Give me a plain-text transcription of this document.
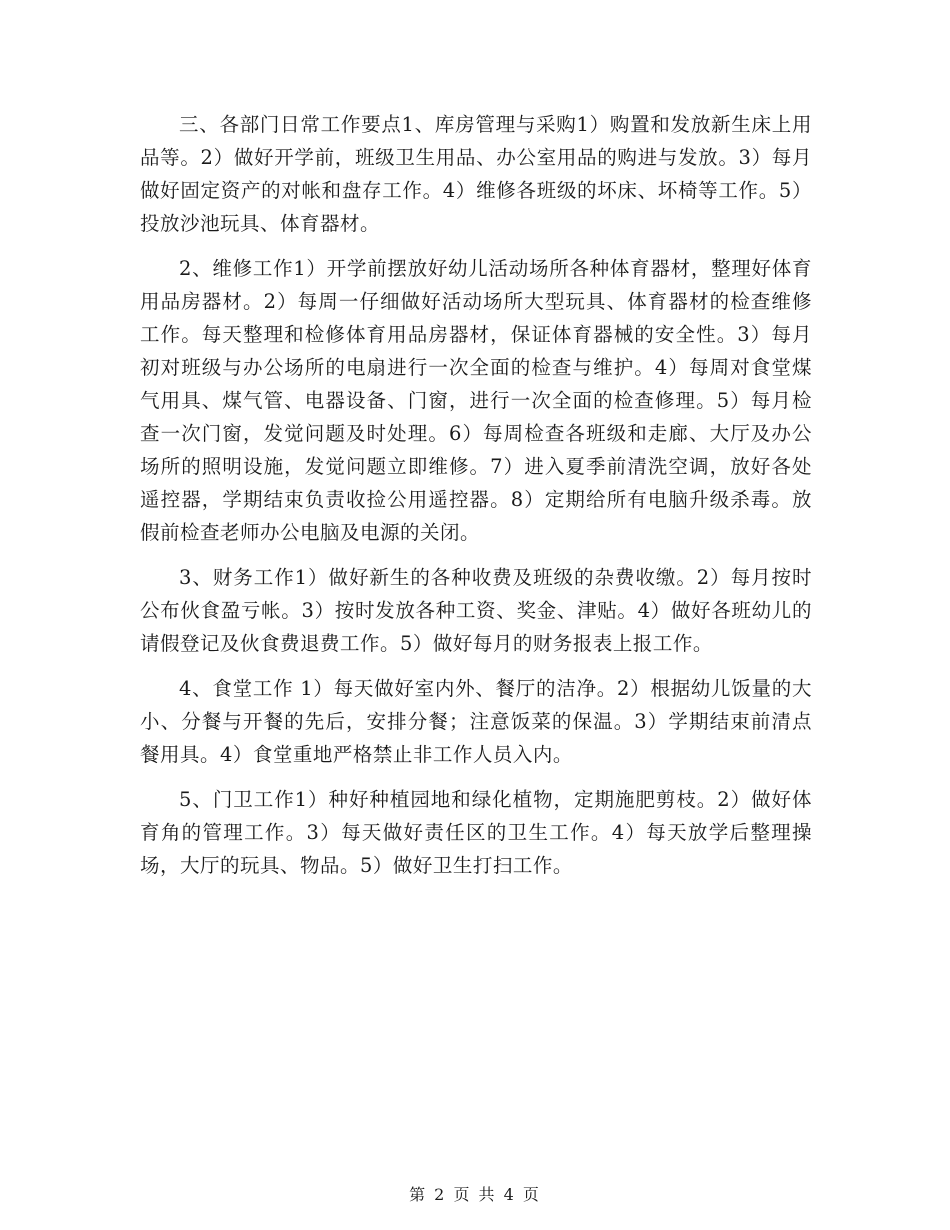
三、各部门日常工作要点1、库房管理与采购1）购置和发放新生床上用品等。2）做好开学前，班级卫生用品、办公室用品的购进与发放。3）每月做好固定资产的对帐和盘存工作。4）维修各班级的坏床、坏椅等工作。5）投放沙池玩具、体育器材。

2、维修工作1）开学前摆放好幼儿活动场所各种体育器材，整理好体育用品房器材。2）每周一仔细做好活动场所大型玩具、体育器材的检查维修工作。每天整理和检修体育用品房器材，保证体育器械的安全性。3）每月初对班级与办公场所的电扇进行一次全面的检查与维护。4）每周对食堂煤气用具、煤气管、电器设备、门窗，进行一次全面的检查修理。5）每月检查一次门窗，发觉问题及时处理。6）每周检查各班级和走廊、大厅及办公场所的照明设施，发觉问题立即维修。7）进入夏季前清洗空调，放好各处遥控器，学期结束负责收捡公用遥控器。8）定期给所有电脑升级杀毒。放假前检查老师办公电脑及电源的关闭。

3、财务工作1）做好新生的各种收费及班级的杂费收缴。2）每月按时公布伙食盈亏帐。3）按时发放各种工资、奖金、津贴。4）做好各班幼儿的请假登记及伙食费退费工作。5）做好每月的财务报表上报工作。

4、食堂工作 1）每天做好室内外、餐厅的洁净。2）根据幼儿饭量的大小、分餐与开餐的先后，安排分餐；注意饭菜的保温。3）学期结束前清点餐用具。4）食堂重地严格禁止非工作人员入内。

5、门卫工作1）种好种植园地和绿化植物，定期施肥剪枝。2）做好体育角的管理工作。3）每天做好责任区的卫生工作。4）每天放学后整理操场，大厅的玩具、物品。5）做好卫生打扫工作。

第 2 页 共 4 页
